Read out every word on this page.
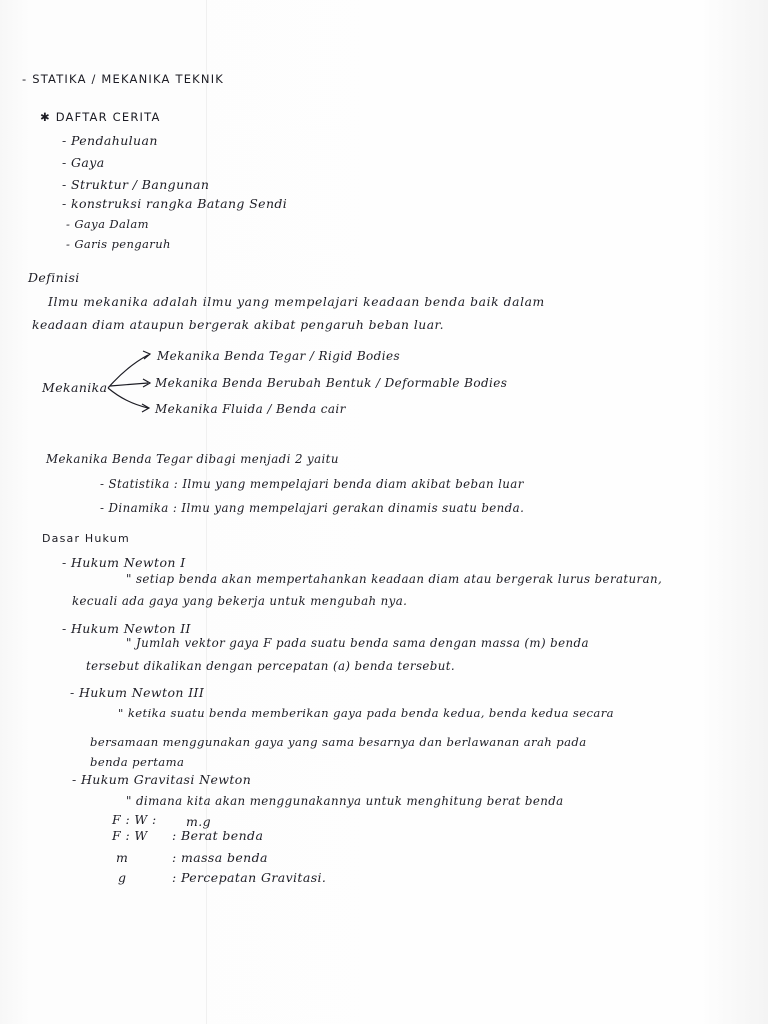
- STATIKA / MEKANIKA TEKNIK
✱ DAFTAR CERITA
- Pendahuluan
- Gaya
- Struktur / Bangunan
- konstruksi rangka Batang Sendi
- Gaya Dalam
- Garis pengaruh
Definisi
Ilmu mekanika adalah ilmu yang mempelajari keadaan benda baik dalam
keadaan diam ataupun bergerak akibat pengaruh beban luar.
Mekanika
Mekanika Benda Tegar / Rigid Bodies
Mekanika Benda Berubah Bentuk / Deformable Bodies
Mekanika Fluida / Benda cair
Mekanika Benda Tegar dibagi menjadi 2 yaitu
- Statistika : Ilmu yang mempelajari benda diam akibat beban luar
- Dinamika : Ilmu yang mempelajari gerakan dinamis suatu benda.
Dasar Hukum
- Hukum Newton I
" setiap benda akan mempertahankan keadaan diam atau bergerak lurus beraturan,
kecuali ada gaya yang bekerja untuk mengubah nya.
- Hukum Newton II
" Jumlah vektor gaya F pada suatu benda sama dengan massa (m) benda
tersebut dikalikan dengan percepatan (a) benda tersebut.
- Hukum Newton III
" ketika suatu benda memberikan gaya pada benda kedua, benda kedua secara
bersamaan menggunakan gaya yang sama besarnya dan berlawanan arah pada
benda pertama
- Hukum Gravitasi Newton
" dimana kita akan menggunakannya untuk menghitung berat benda
F : W : m.g
F : W : Berat benda
m	: massa benda
g	: Percepatan Gravitasi.
